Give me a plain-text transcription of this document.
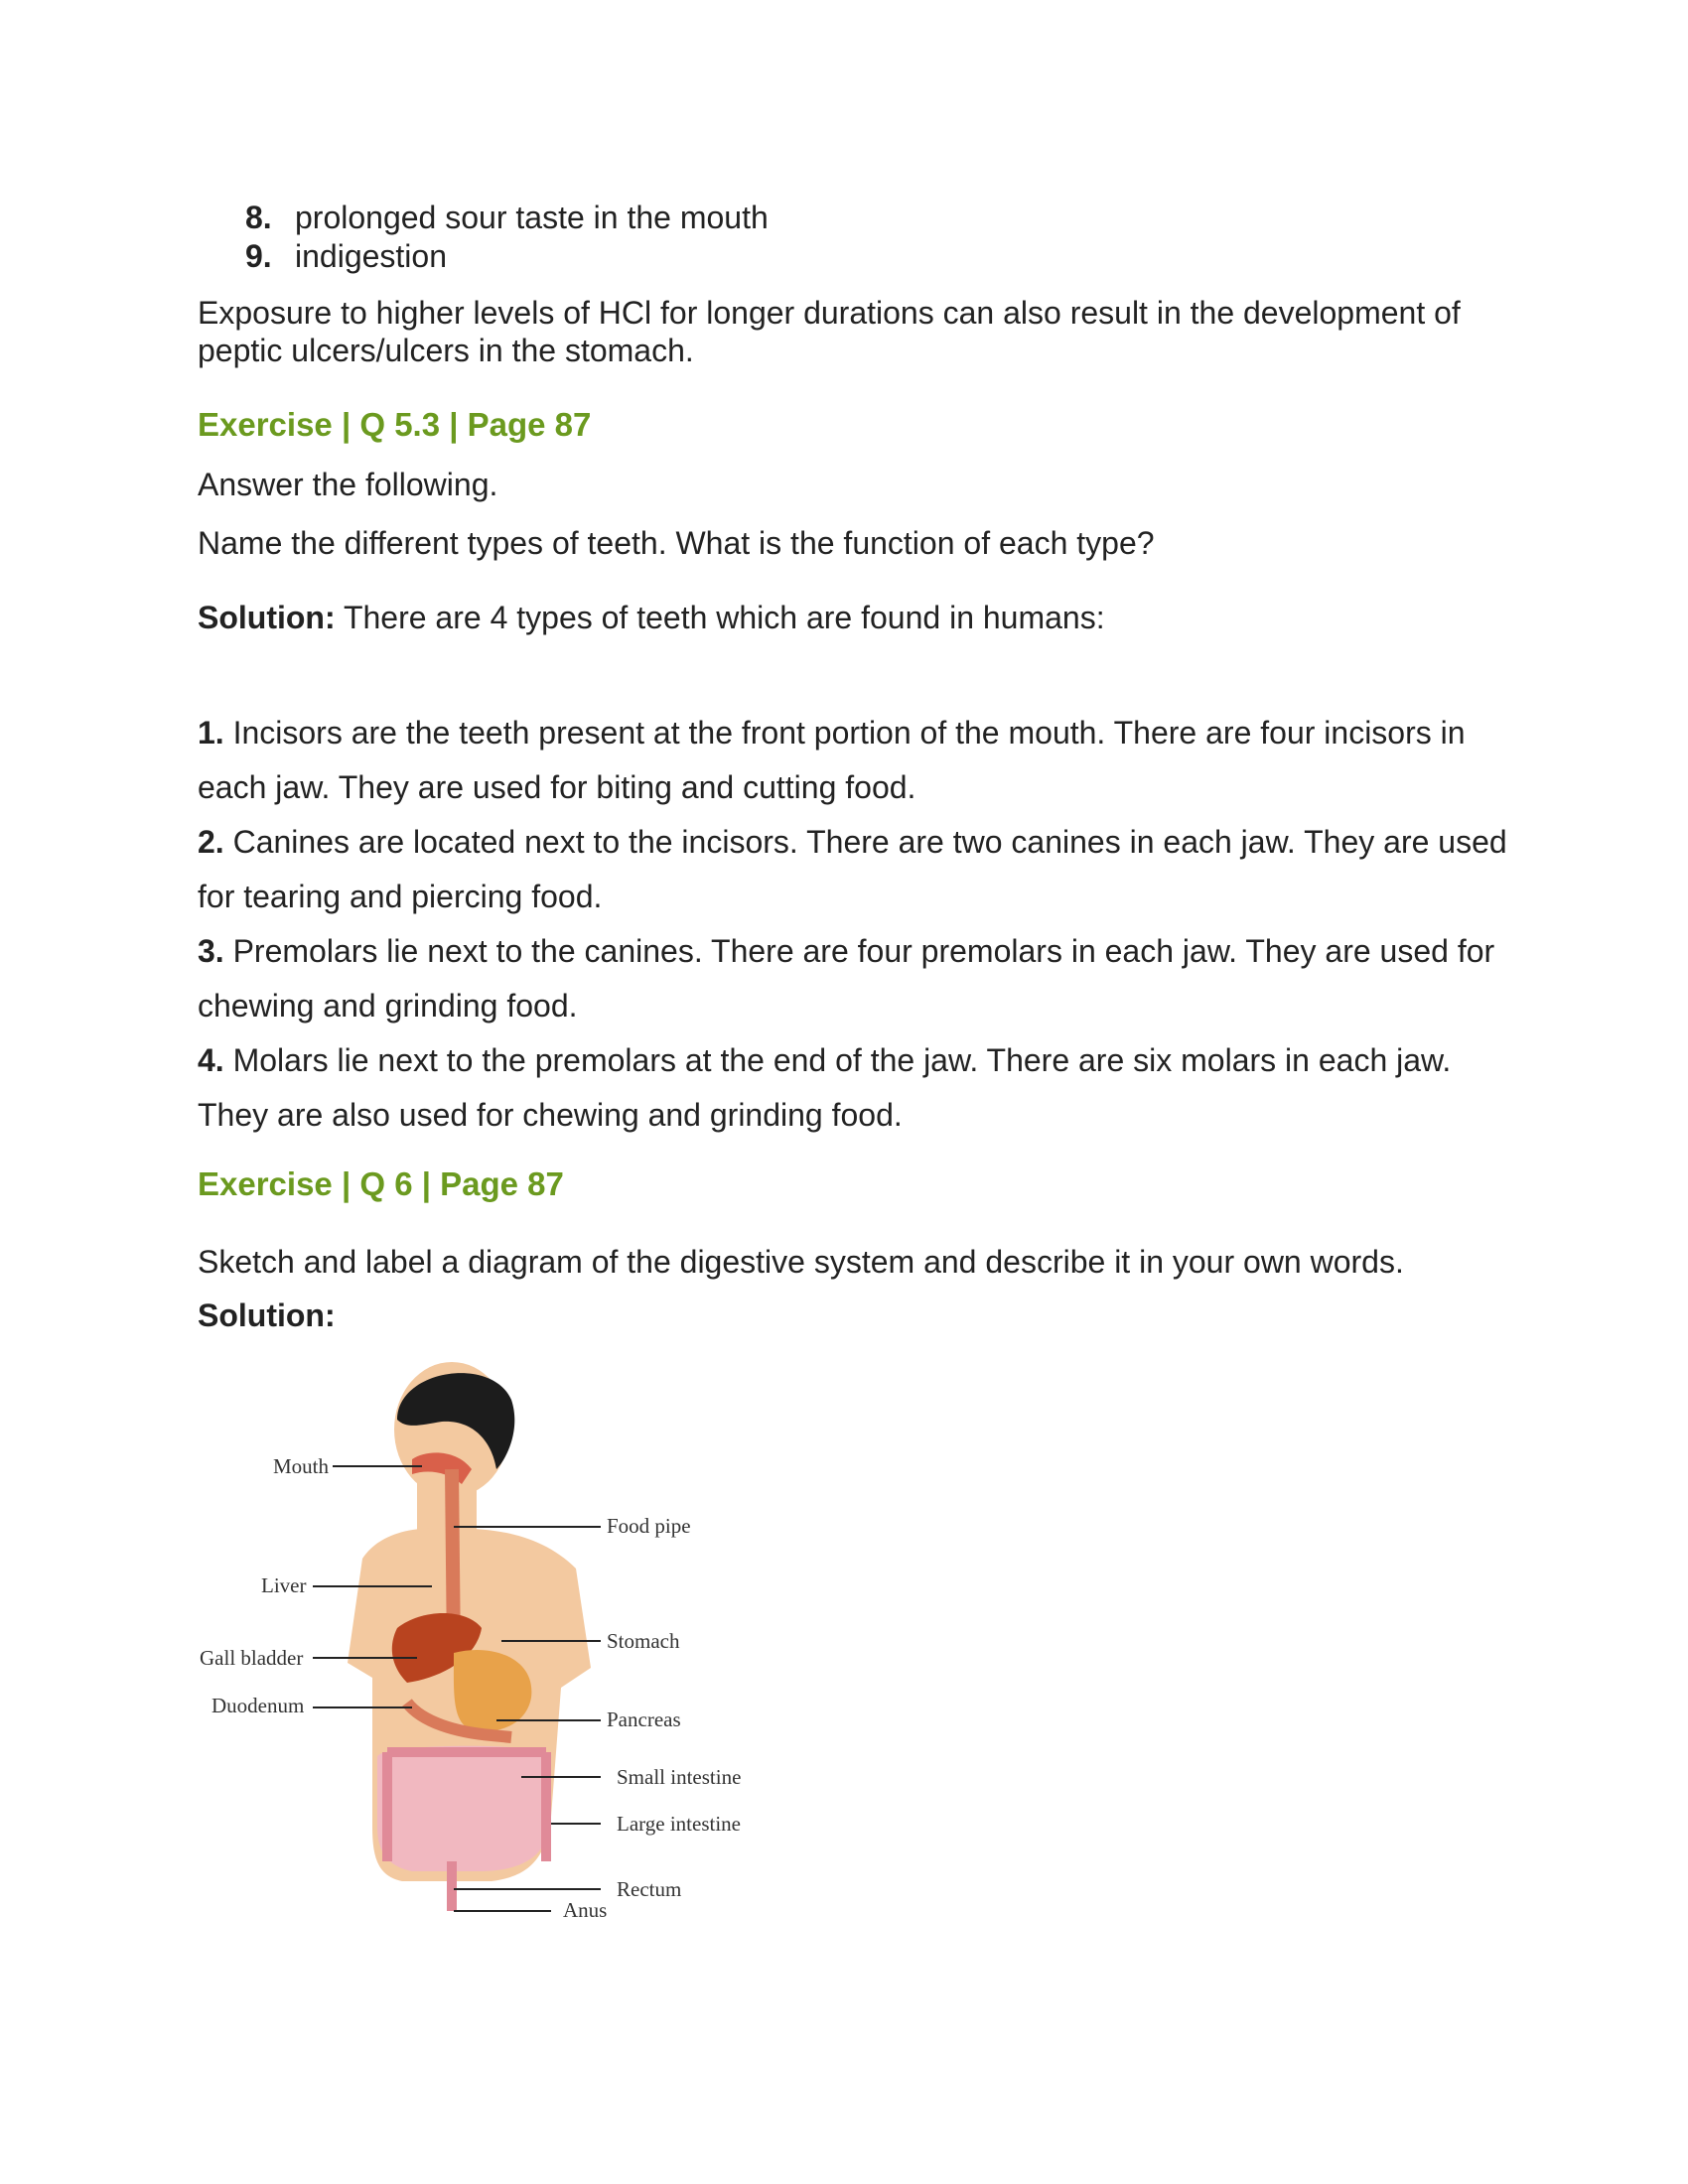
8. prolonged sour taste in the mouth
9. indigestion

Exposure to higher levels of HCl for longer durations can also result in the development of peptic ulcers/ulcers in the stomach.

Exercise | Q 5.3 | Page 87

Answer the following.

Name the different types of teeth. What is the function of each type?

Solution: There are 4 types of teeth which are found in humans:

1. Incisors are the teeth present at the front portion of the mouth. There are four incisors in each jaw. They are used for biting and cutting food.
2. Canines are located next to the incisors. There are two canines in each jaw. They are used for tearing and piercing food.
3. Premolars lie next to the canines. There are four premolars in each jaw. They are used for chewing and grinding food.
4. Molars lie next to the premolars at the end of the jaw. There are six molars in each jaw. They are also used for chewing and grinding food.
Exercise | Q 6 | Page 87

Sketch and label a diagram of the digestive system and describe it in your own words.

Solution:

Mouth
Food pipe
Liver
Stomach
Gall bladder
Duodenum
Pancreas
Small intestine
Large intestine
Rectum
Anus
